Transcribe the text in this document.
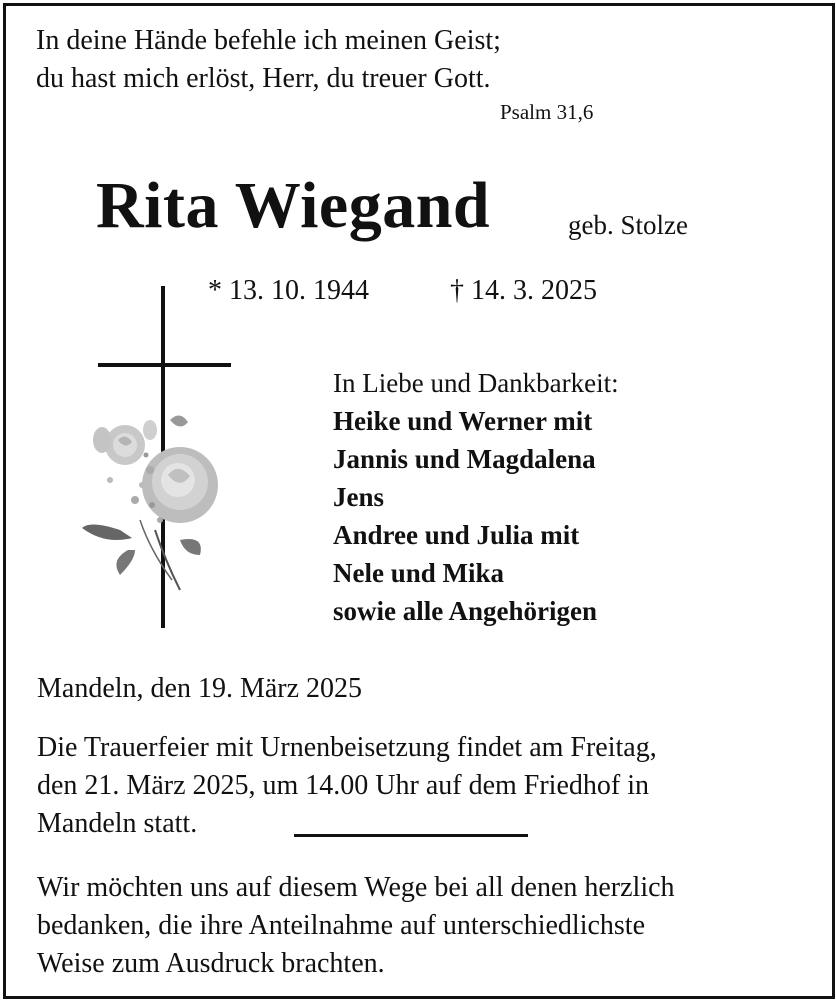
In deine Hände befehle ich meinen Geist;
du hast mich erlöst, Herr, du treuer Gott.
Psalm 31,6
Rita Wiegand	geb. Stolze
* 13. 10. 1944	† 14. 3. 2025
In Liebe und Dankbarkeit:
Heike und Werner mit
Jannis und Magdalena
Jens
Andree und Julia mit
Nele und Mika
sowie alle Angehörigen
Mandeln, den 19. März 2025
Die Trauerfeier mit Urnenbeisetzung findet am Freitag,
den 21. März 2025, um 14.00 Uhr auf dem Friedhof in
Mandeln statt.
Wir möchten uns auf diesem Wege bei all denen herzlich
bedanken, die ihre Anteilnahme auf unterschiedlichste
Weise zum Ausdruck brachten.
